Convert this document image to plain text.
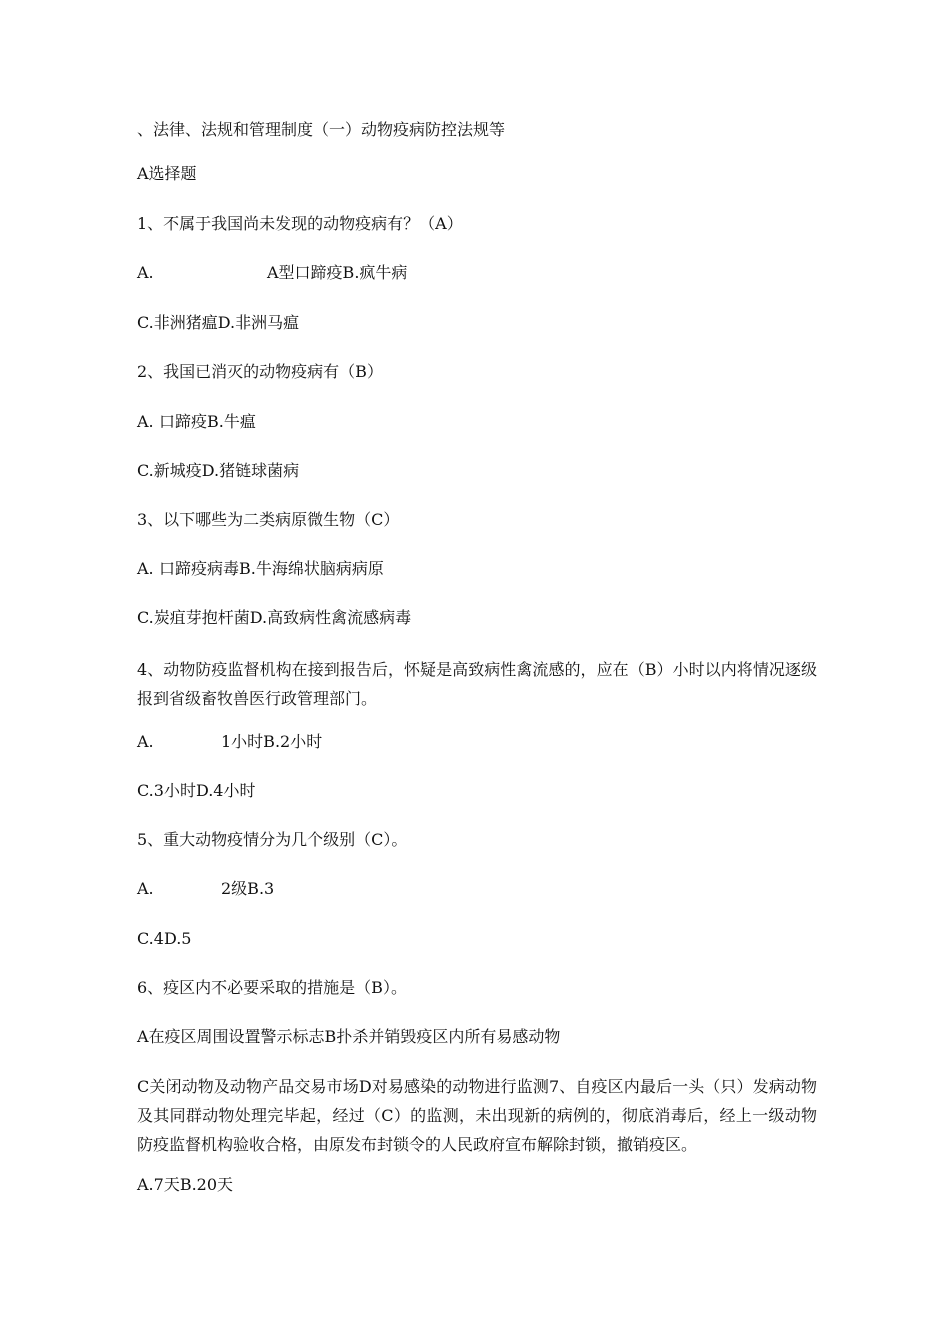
、法律、法规和管理制度（一）动物疫病防控法规等
A选择题
1、不属于我国尚未发现的动物疫病有？（A）
A.	A型口蹄疫B.疯牛病
C.非洲猪瘟D.非洲马瘟
2、我国已消灭的动物疫病有（B）
A. 口蹄疫B.牛瘟
C.新城疫D.猪链球菌病
3、以下哪些为二类病原微生物（C）
A. 口蹄疫病毒B.牛海绵状脑病病原
C.炭疽芽抱杆菌D.高致病性禽流感病毒
4、动物防疫监督机构在接到报告后，怀疑是高致病性禽流感的，应在（B）小时以内将情况逐级报到省级畜牧兽医行政管理部门。
A.	1小时B.2小时
C.3小时D.4小时
5、重大动物疫情分为几个级别（C）。
A.	2级B.3
C.4D.5
6、疫区内不必要采取的措施是（B）。
A在疫区周围设置警示标志B扑杀并销毁疫区内所有易感动物
C关闭动物及动物产品交易市场D对易感染的动物进行监测7、自疫区内最后一头（只）发病动物及其同群动物处理完毕起，经过（C）的监测，未出现新的病例的，彻底消毒后，经上一级动物防疫监督机构验收合格，由原发布封锁令的人民政府宣布解除封锁，撤销疫区。
A.7天B.20天
